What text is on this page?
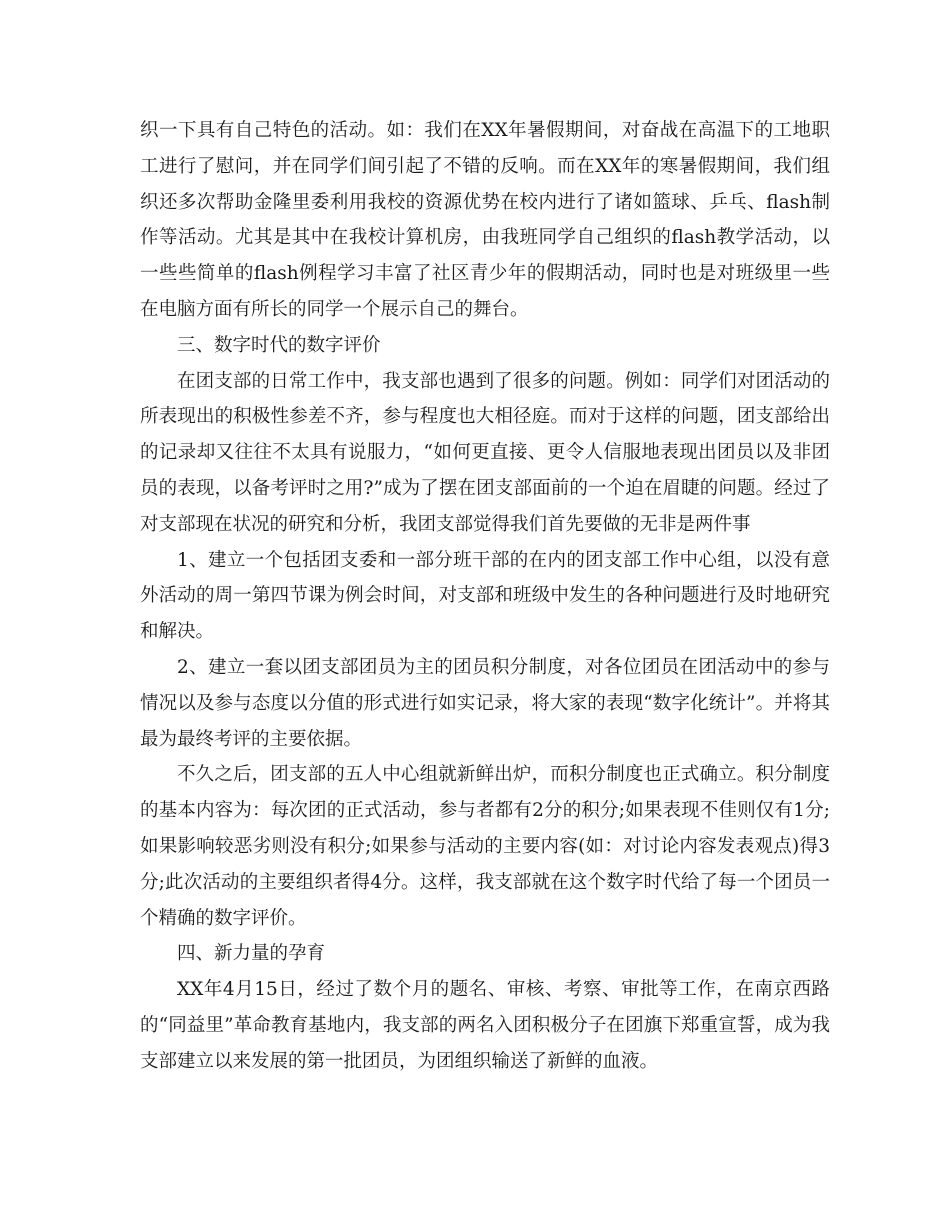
织一下具有自己特色的活动。如：我们在XX年暑假期间，对奋战在高温下的工地职工进行了慰问，并在同学们间引起了不错的反响。而在XX年的寒暑假期间，我们组织还多次帮助金隆里委利用我校的资源优势在校内进行了诸如篮球、乒乓、flash制作等活动。尤其是其中在我校计算机房，由我班同学自己组织的flash教学活动，以一些些简单的flash例程学习丰富了社区青少年的假期活动，同时也是对班级里一些在电脑方面有所长的同学一个展示自己的舞台。

三、数字时代的数字评价

在团支部的日常工作中，我支部也遇到了很多的问题。例如：同学们对团活动的所表现出的积极性参差不齐，参与程度也大相径庭。而对于这样的问题，团支部给出的记录却又往往不太具有说服力，“如何更直接、更令人信服地表现出团员以及非团员的表现，以备考评时之用?”成为了摆在团支部面前的一个迫在眉睫的问题。经过了对支部现在状况的研究和分析，我团支部觉得我们首先要做的无非是两件事

1、建立一个包括团支委和一部分班干部的在内的团支部工作中心组，以没有意外活动的周一第四节课为例会时间，对支部和班级中发生的各种问题进行及时地研究和解决。

2、建立一套以团支部团员为主的团员积分制度，对各位团员在团活动中的参与情况以及参与态度以分值的形式进行如实记录，将大家的表现“数字化统计”。并将其最为最终考评的主要依据。

不久之后，团支部的五人中心组就新鲜出炉，而积分制度也正式确立。积分制度的基本内容为：每次团的正式活动，参与者都有2分的积分;如果表现不佳则仅有1分;如果影响较恶劣则没有积分;如果参与活动的主要内容(如：对讨论内容发表观点)得3分;此次活动的主要组织者得4分。这样，我支部就在这个数字时代给了每一个团员一个精确的数字评价。

四、新力量的孕育

XX年4月15日，经过了数个月的题名、审核、考察、审批等工作，在南京西路的“同益里”革命教育基地内，我支部的两名入团积极分子在团旗下郑重宣誓，成为我支部建立以来发展的第一批团员，为团组织输送了新鲜的血液。
